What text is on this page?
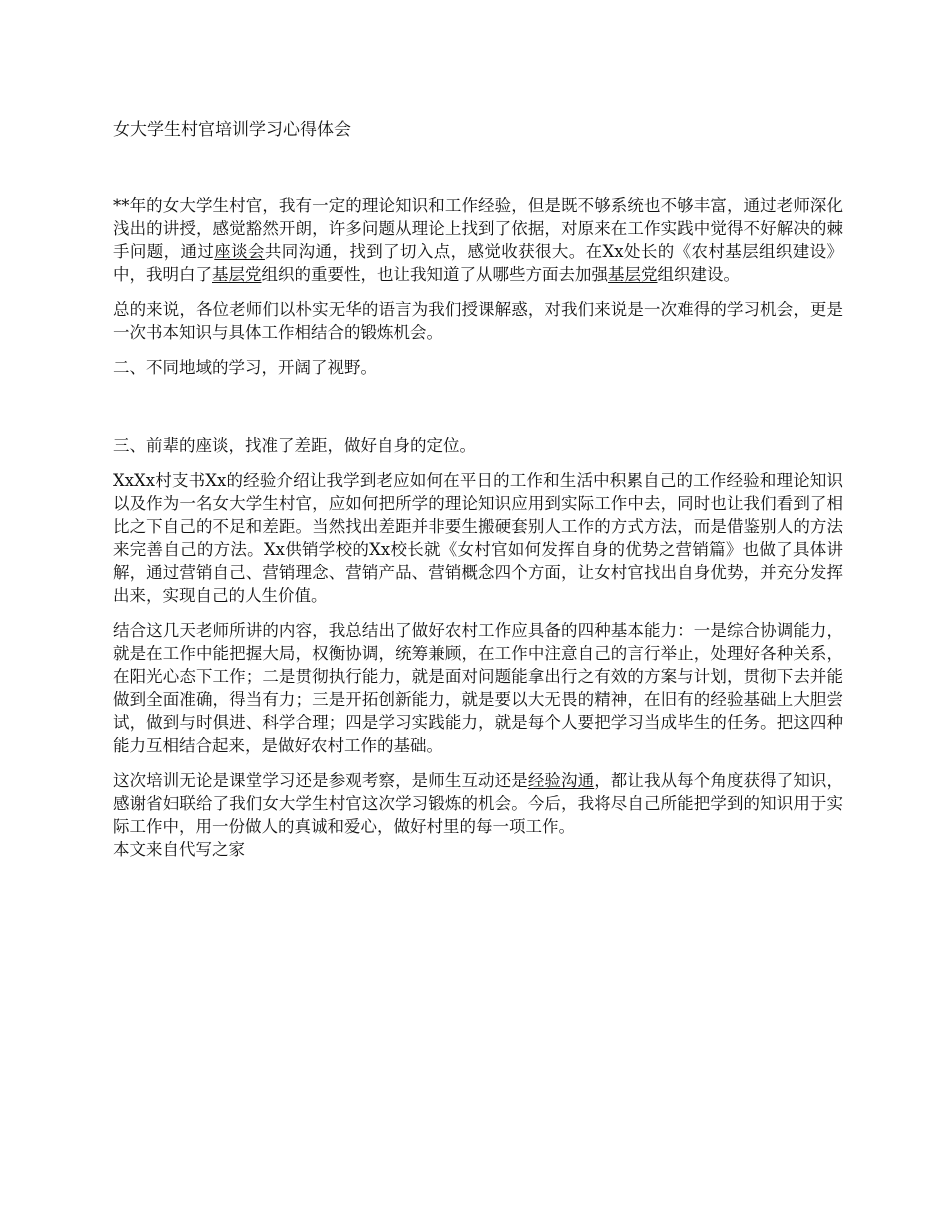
女大学生村官培训学习心得体会

**年的女大学生村官，我有一定的理论知识和工作经验，但是既不够系统也不够丰富，通过老师深化浅出的讲授，感觉豁然开朗，许多问题从理论上找到了依据，对原来在工作实践中觉得不好解决的棘手问题，通过座谈会共同沟通，找到了切入点，感觉收获很大。在Xx处长的《农村基层组织建设》中，我明白了基层党组织的重要性，也让我知道了从哪些方面去加强基层党组织建设。

总的来说，各位老师们以朴实无华的语言为我们授课解惑，对我们来说是一次难得的学习机会，更是一次书本知识与具体工作相结合的锻炼机会。

二、不同地域的学习，开阔了视野。

三、前辈的座谈，找准了差距，做好自身的定位。

XxXx村支书Xx的经验介绍让我学到老应如何在平日的工作和生活中积累自己的工作经验和理论知识以及作为一名女大学生村官，应如何把所学的理论知识应用到实际工作中去，同时也让我们看到了相比之下自己的不足和差距。当然找出差距并非要生搬硬套别人工作的方式方法，而是借鉴别人的方法来完善自己的方法。Xx供销学校的Xx校长就《女村官如何发挥自身的优势之营销篇》也做了具体讲解，通过营销自己、营销理念、营销产品、营销概念四个方面，让女村官找出自身优势，并充分发挥出来，实现自己的人生价值。

结合这几天老师所讲的内容，我总结出了做好农村工作应具备的四种基本能力：一是综合协调能力，就是在工作中能把握大局，权衡协调，统筹兼顾，在工作中注意自己的言行举止，处理好各种关系，在阳光心态下工作；二是贯彻执行能力，就是面对问题能拿出行之有效的方案与计划，贯彻下去并能做到全面准确，得当有力；三是开拓创新能力，就是要以大无畏的精神，在旧有的经验基础上大胆尝试，做到与时俱进、科学合理；四是学习实践能力，就是每个人要把学习当成毕生的任务。把这四种能力互相结合起来，是做好农村工作的基础。

这次培训无论是课堂学习还是参观考察，是师生互动还是经验沟通，都让我从每个角度获得了知识，感谢省妇联给了我们女大学生村官这次学习锻炼的机会。今后，我将尽自己所能把学到的知识用于实际工作中，用一份做人的真诚和爱心，做好村里的每一项工作。

本文来自代写之家
